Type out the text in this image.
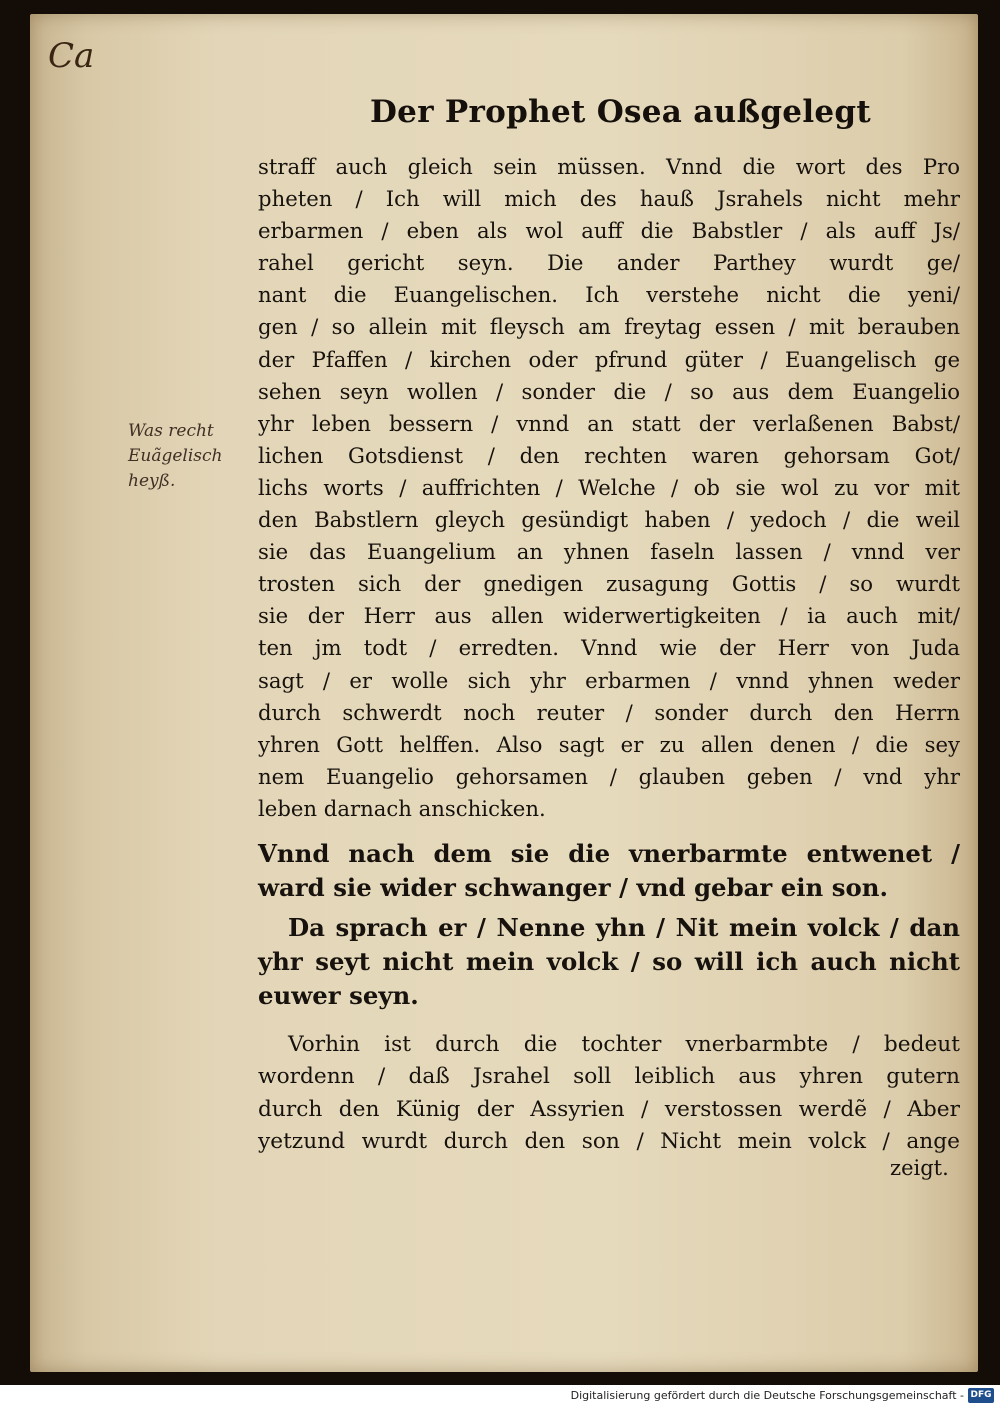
Ca
Der Prophet Osea außgelegt
Was recht
Euãgelisch
heyß.
straff auch gleich sein müssen. Vnnd die wort des Pro
pheten / Ich will mich des hauß Jsrahels nicht mehr
erbarmen / eben als wol auff die Babstler / als auff Js/
rahel gericht seyn. Die ander Parthey wurdt ge/
nant die Euangelischen. Ich verstehe nicht die yeni/
gen / so allein mit fleysch am freytag essen / mit berauben
der Pfaffen / kirchen oder pfrund güter / Euangelisch ge
sehen seyn wollen / sonder die / so aus dem Euangelio
yhr leben bessern / vnnd an statt der verlaßenen Babst/
lichen Gotsdienst / den rechten waren gehorsam Got/
lichs worts / auffrichten / Welche / ob sie wol zu vor mit
den Babstlern gleych gesündigt haben / yedoch / die weil
sie das Euangelium an yhnen faseln lassen / vnnd ver
trosten sich der gnedigen zusagung Gottis / so wurdt
sie der Herr aus allen widerwertigkeiten / ia auch mit/
ten jm todt / erredten. Vnnd wie der Herr von Juda
sagt / er wolle sich yhr erbarmen / vnnd yhnen weder
durch schwerdt noch reuter / sonder durch den Herrn
yhren Gott helffen. Also sagt er zu allen denen / die sey
nem Euangelio gehorsamen / glauben geben / vnd yhr
leben darnach anschicken.
Vnnd nach dem sie die vnerbarmte entwenet /
ward sie wider schwanger / vnd gebar ein son.
Da sprach er / Nenne yhn / Nit mein volck / dan
yhr seyt nicht mein volck / so will ich auch nicht
euwer seyn.
Vorhin ist durch die tochter vnerbarmbte / bedeut
wordenn / daß Jsrahel soll leiblich aus yhren gutern
durch den Künig der Assyrien / verstossen werdẽ / Aber
yetzund wurdt durch den son / Nicht mein volck / ange
zeigt.
Digitalisierung gefördert durch die Deutsche Forschungsgemeinschaft - DFG
